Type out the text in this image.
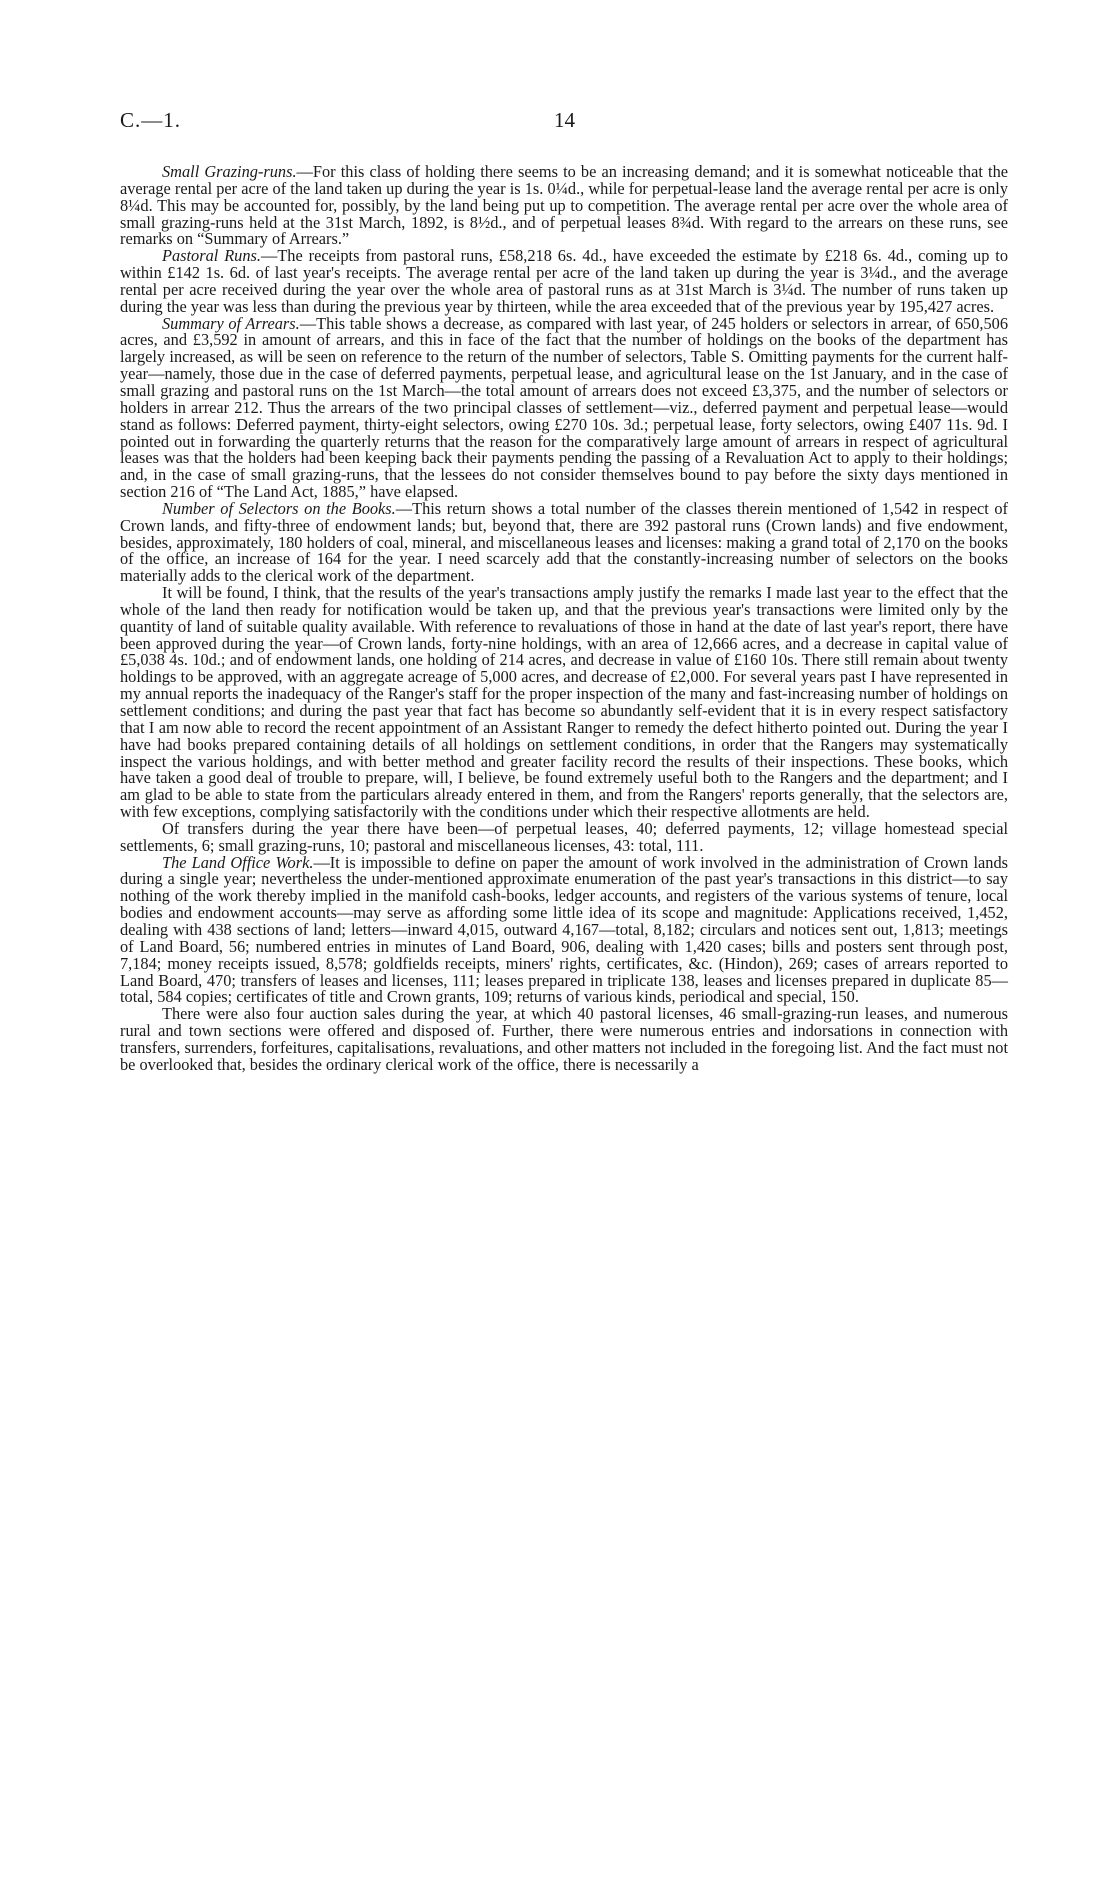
C.—1.	14

Small Grazing-runs.—For this class of holding there seems to be an increasing demand; and it is somewhat noticeable that the average rental per acre of the land taken up during the year is 1s. 0¼d., while for perpetual-lease land the average rental per acre is only 8¼d. This may be accounted for, possibly, by the land being put up to competition. The average rental per acre over the whole area of small grazing-runs held at the 31st March, 1892, is 8½d., and of perpetual leases 8¾d. With regard to the arrears on these runs, see remarks on “Summary of Arrears.”

Pastoral Runs.—The receipts from pastoral runs, £58,218 6s. 4d., have exceeded the estimate by £218 6s. 4d., coming up to within £142 1s. 6d. of last year's receipts. The average rental per acre of the land taken up during the year is 3¼d., and the average rental per acre received during the year over the whole area of pastoral runs as at 31st March is 3¼d. The number of runs taken up during the year was less than during the previous year by thirteen, while the area exceeded that of the previous year by 195,427 acres.

Summary of Arrears.—This table shows a decrease, as compared with last year, of 245 holders or selectors in arrear, of 650,506 acres, and £3,592 in amount of arrears, and this in face of the fact that the number of holdings on the books of the department has largely increased, as will be seen on reference to the return of the number of selectors, Table S. Omitting payments for the current half-year—namely, those due in the case of deferred payments, perpetual lease, and agricultural lease on the 1st January, and in the case of small grazing and pastoral runs on the 1st March—the total amount of arrears does not exceed £3,375, and the number of selectors or holders in arrear 212. Thus the arrears of the two principal classes of settlement—viz., deferred payment and perpetual lease—would stand as follows: Deferred payment, thirty-eight selectors, owing £270 10s. 3d.; perpetual lease, forty selectors, owing £407 11s. 9d. I pointed out in forwarding the quarterly returns that the reason for the comparatively large amount of arrears in respect of agricultural leases was that the holders had been keeping back their payments pending the passing of a Revaluation Act to apply to their holdings; and, in the case of small grazing-runs, that the lessees do not consider themselves bound to pay before the sixty days mentioned in section 216 of “The Land Act, 1885,” have elapsed.

Number of Selectors on the Books.—This return shows a total number of the classes therein mentioned of 1,542 in respect of Crown lands, and fifty-three of endowment lands; but, beyond that, there are 392 pastoral runs (Crown lands) and five endowment, besides, approximately, 180 holders of coal, mineral, and miscellaneous leases and licenses: making a grand total of 2,170 on the books of the office, an increase of 164 for the year. I need scarcely add that the constantly-increasing number of selectors on the books materially adds to the clerical work of the department.

It will be found, I think, that the results of the year's transactions amply justify the remarks I made last year to the effect that the whole of the land then ready for notification would be taken up, and that the previous year's transactions were limited only by the quantity of land of suitable quality available. With reference to revaluations of those in hand at the date of last year's report, there have been approved during the year—of Crown lands, forty-nine holdings, with an area of 12,666 acres, and a decrease in capital value of £5,038 4s. 10d.; and of endowment lands, one holding of 214 acres, and decrease in value of £160 10s. There still remain about twenty holdings to be approved, with an aggregate acreage of 5,000 acres, and decrease of £2,000. For several years past I have represented in my annual reports the inadequacy of the Ranger's staff for the proper inspection of the many and fast-increasing number of holdings on settlement conditions; and during the past year that fact has become so abundantly self-evident that it is in every respect satisfactory that I am now able to record the recent appointment of an Assistant Ranger to remedy the defect hitherto pointed out. During the year I have had books prepared containing details of all holdings on settlement conditions, in order that the Rangers may systematically inspect the various holdings, and with better method and greater facility record the results of their inspections. These books, which have taken a good deal of trouble to prepare, will, I believe, be found extremely useful both to the Rangers and the department; and I am glad to be able to state from the particulars already entered in them, and from the Rangers' reports generally, that the selectors are, with few exceptions, complying satisfactorily with the conditions under which their respective allotments are held.

Of transfers during the year there have been—of perpetual leases, 40; deferred payments, 12; village homestead special settlements, 6; small grazing-runs, 10; pastoral and miscellaneous licenses, 43: total, 111.

The Land Office Work.—It is impossible to define on paper the amount of work involved in the administration of Crown lands during a single year; nevertheless the under-mentioned approximate enumeration of the past year's transactions in this district—to say nothing of the work thereby implied in the manifold cash-books, ledger accounts, and registers of the various systems of tenure, local bodies and endowment accounts—may serve as affording some little idea of its scope and magnitude: Applications received, 1,452, dealing with 438 sections of land; letters—inward 4,015, outward 4,167—total, 8,182; circulars and notices sent out, 1,813; meetings of Land Board, 56; numbered entries in minutes of Land Board, 906, dealing with 1,420 cases; bills and posters sent through post, 7,184; money receipts issued, 8,578; goldfields receipts, miners' rights, certificates, &c. (Hindon), 269; cases of arrears reported to Land Board, 470; transfers of leases and licenses, 111; leases prepared in triplicate 138, leases and licenses prepared in duplicate 85—total, 584 copies; certificates of title and Crown grants, 109; returns of various kinds, periodical and special, 150.

There were also four auction sales during the year, at which 40 pastoral licenses, 46 small-grazing-run leases, and numerous rural and town sections were offered and disposed of. Further, there were numerous entries and indorsations in connection with transfers, surrenders, forfeitures, capitalisations, revaluations, and other matters not included in the foregoing list. And the fact must not be overlooked that, besides the ordinary clerical work of the office, there is necessarily a
